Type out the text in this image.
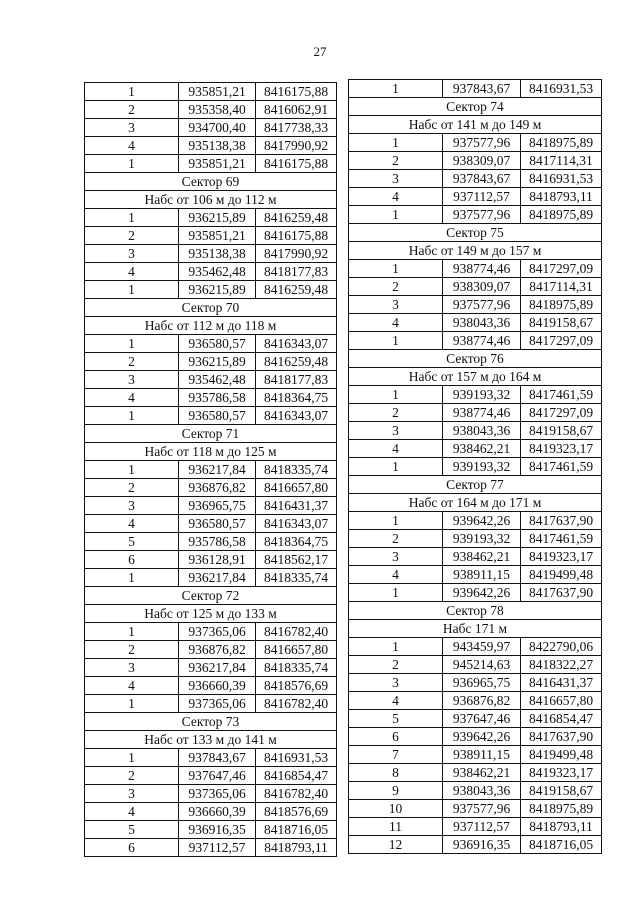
27
1	935851,21	8416175,88
2	935358,40	8416062,91
3	934700,40	8417738,33
4	935138,38	8417990,92
1	935851,21	8416175,88
Сектор 69		
Набс от 106 м до 112 м		
1	936215,89	8416259,48
2	935851,21	8416175,88
3	935138,38	8417990,92
4	935462,48	8418177,83
1	936215,89	8416259,48
Сектор 70		
Набс от 112 м до 118 м		
1	936580,57	8416343,07
2	936215,89	8416259,48
3	935462,48	8418177,83
4	935786,58	8418364,75
1	936580,57	8416343,07
Сектор 71		
Набс от 118 м до 125 м		
1	936217,84	8418335,74
2	936876,82	8416657,80
3	936965,75	8416431,37
4	936580,57	8416343,07
5	935786,58	8418364,75
6	936128,91	8418562,17
1	936217,84	8418335,74
Сектор 72		
Набс от 125 м до 133 м		
1	937365,06	8416782,40
2	936876,82	8416657,80
3	936217,84	8418335,74
4	936660,39	8418576,69
1	937365,06	8416782,40
Сектор 73		
Набс от 133 м до 141 м		
1	937843,67	8416931,53
2	937647,46	8416854,47
3	937365,06	8416782,40
4	936660,39	8418576,69
5	936916,35	8418716,05
6	937112,57	8418793,11
1	937843,67	8416931,53
Сектор 74		
Набс от 141 м до 149 м		
1	937577,96	8418975,89
2	938309,07	8417114,31
3	937843,67	8416931,53
4	937112,57	8418793,11
1	937577,96	8418975,89
Сектор 75		
Набс от 149 м до 157 м		
1	938774,46	8417297,09
2	938309,07	8417114,31
3	937577,96	8418975,89
4	938043,36	8419158,67
1	938774,46	8417297,09
Сектор 76		
Набс от 157 м до 164 м		
1	939193,32	8417461,59
2	938774,46	8417297,09
3	938043,36	8419158,67
4	938462,21	8419323,17
1	939193,32	8417461,59
Сектор 77		
Набс от 164 м до 171 м		
1	939642,26	8417637,90
2	939193,32	8417461,59
3	938462,21	8419323,17
4	938911,15	8419499,48
1	939642,26	8417637,90
Сектор 78		
Набс 171 м		
1	943459,97	8422790,06
2	945214,63	8418322,27
3	936965,75	8416431,37
4	936876,82	8416657,80
5	937647,46	8416854,47
6	939642,26	8417637,90
7	938911,15	8419499,48
8	938462,21	8419323,17
9	938043,36	8419158,67
10	937577,96	8418975,89
11	937112,57	8418793,11
12	936916,35	8418716,05
